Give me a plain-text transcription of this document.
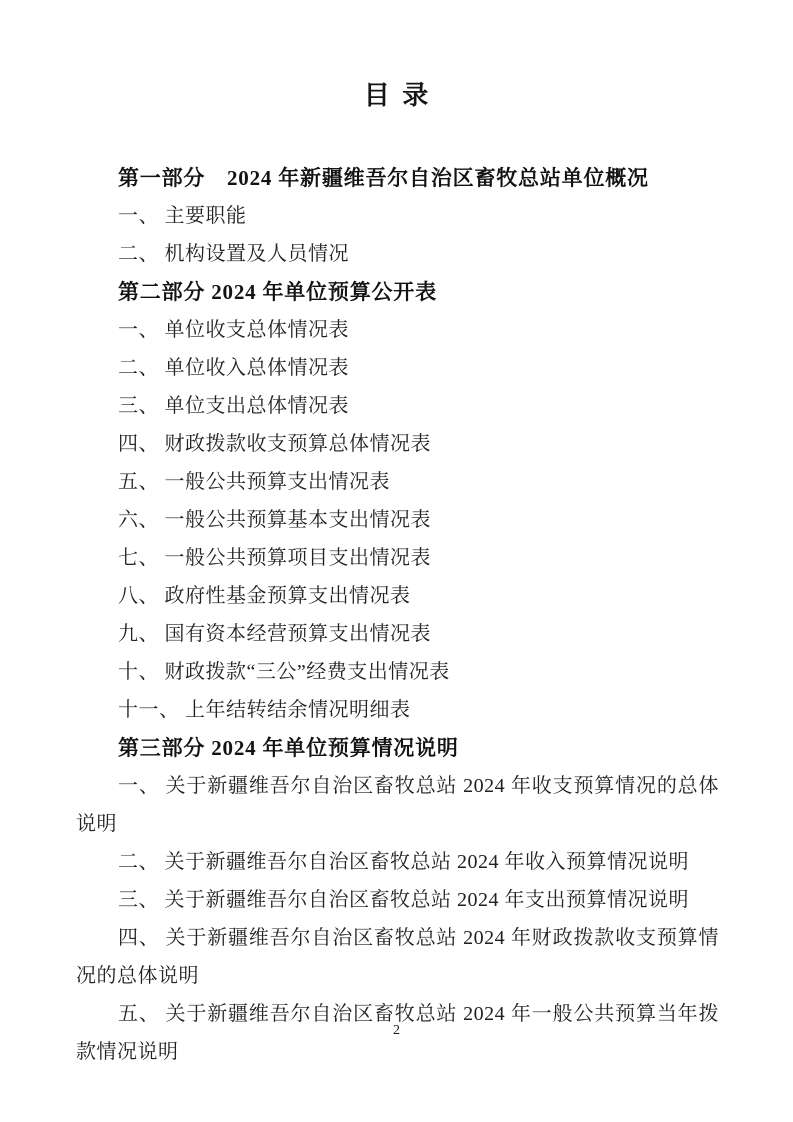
目 录

第一部分　2024 年新疆维吾尔自治区畜牧总站单位概况

一、 主要职能

二、 机构设置及人员情况

第二部分 2024 年单位预算公开表

一、 单位收支总体情况表

二、 单位收入总体情况表

三、 单位支出总体情况表

四、 财政拨款收支预算总体情况表

五、 一般公共预算支出情况表

六、 一般公共预算基本支出情况表

七、 一般公共预算项目支出情况表

八、 政府性基金预算支出情况表

九、 国有资本经营预算支出情况表

十、 财政拨款“三公”经费支出情况表

十一、 上年结转结余情况明细表

第三部分 2024 年单位预算情况说明

一、 关于新疆维吾尔自治区畜牧总站 2024 年收支预算情况的总体说明

二、 关于新疆维吾尔自治区畜牧总站 2024 年收入预算情况说明

三、 关于新疆维吾尔自治区畜牧总站 2024 年支出预算情况说明

四、 关于新疆维吾尔自治区畜牧总站 2024 年财政拨款收支预算情况的总体说明

五、 关于新疆维吾尔自治区畜牧总站 2024 年一般公共预算当年拨款情况说明

2
